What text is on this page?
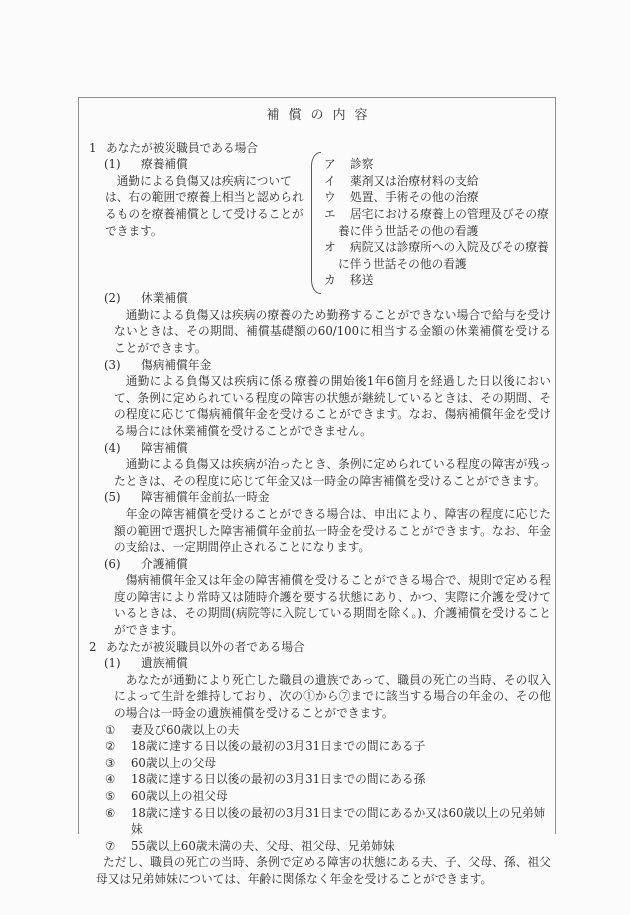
補償の内容
1 あなたが被災職員である場合
(1) 療養補償
通勤による負傷又は疾病については、右の範囲で療養上相当と認められるものを療養補償として受けることができます。
ア 診察
イ 薬剤又は治療材料の支給
ウ 処置、手術その他の治療
エ 居宅における療養上の管理及びその療養に伴う世話その他の看護
オ 病院又は診療所への入院及びその療養に伴う世話その他の看護
カ 移送
(2) 休業補償
通勤による負傷又は疾病の療養のため勤務することができない場合で給与を受けないときは、その期間、補償基礎額の60/100に相当する金額の休業補償を受けることができます。
(3) 傷病補償年金
通勤による負傷又は疾病に係る療養の開始後1年6箇月を経過した日以後において、条例に定められている程度の障害の状態が継続しているときは、その期間、その程度に応じて傷病補償年金を受けることができます。なお、傷病補償年金を受ける場合には休業補償を受けることができません。
(4) 障害補償
通勤による負傷又は疾病が治ったとき、条例に定められている程度の障害が残ったときは、その程度に応じて年金又は一時金の障害補償を受けることができます。
(5) 障害補償年金前払一時金
年金の障害補償を受けることができる場合は、申出により、障害の程度に応じた額の範囲で選択した障害補償年金前払一時金を受けることができます。なお、年金の支給は、一定期間停止されることになります。
(6) 介護補償
傷病補償年金又は年金の障害補償を受けることができる場合で、規則で定める程度の障害により常時又は随時介護を要する状態にあり、かつ、実際に介護を受けているときは、その期間(病院等に入院している期間を除く。)、介護補償を受けることができます。
2 あなたが被災職員以外の者である場合
(1) 遺族補償
あなたが通勤により死亡した職員の遺族であって、職員の死亡の当時、その収入によって生計を維持しており、次の①から⑦までに該当する場合の年金の、その他の場合は一時金の遺族補償を受けることができます。
① 妻及び60歳以上の夫
② 18歳に達する日以後の最初の3月31日までの間にある子
③ 60歳以上の父母
④ 18歳に達する日以後の最初の3月31日までの間にある孫
⑤ 60歳以上の祖父母
⑥ 18歳に達する日以後の最初の3月31日までの間にあるか又は60歳以上の兄弟姉妹
⑦ 55歳以上60歳未満の夫、父母、祖父母、兄弟姉妹
ただし、職員の死亡の当時、条例で定める障害の状態にある夫、子、父母、孫、祖父母又は兄弟姉妹については、年齢に関係なく年金を受けることができます。
